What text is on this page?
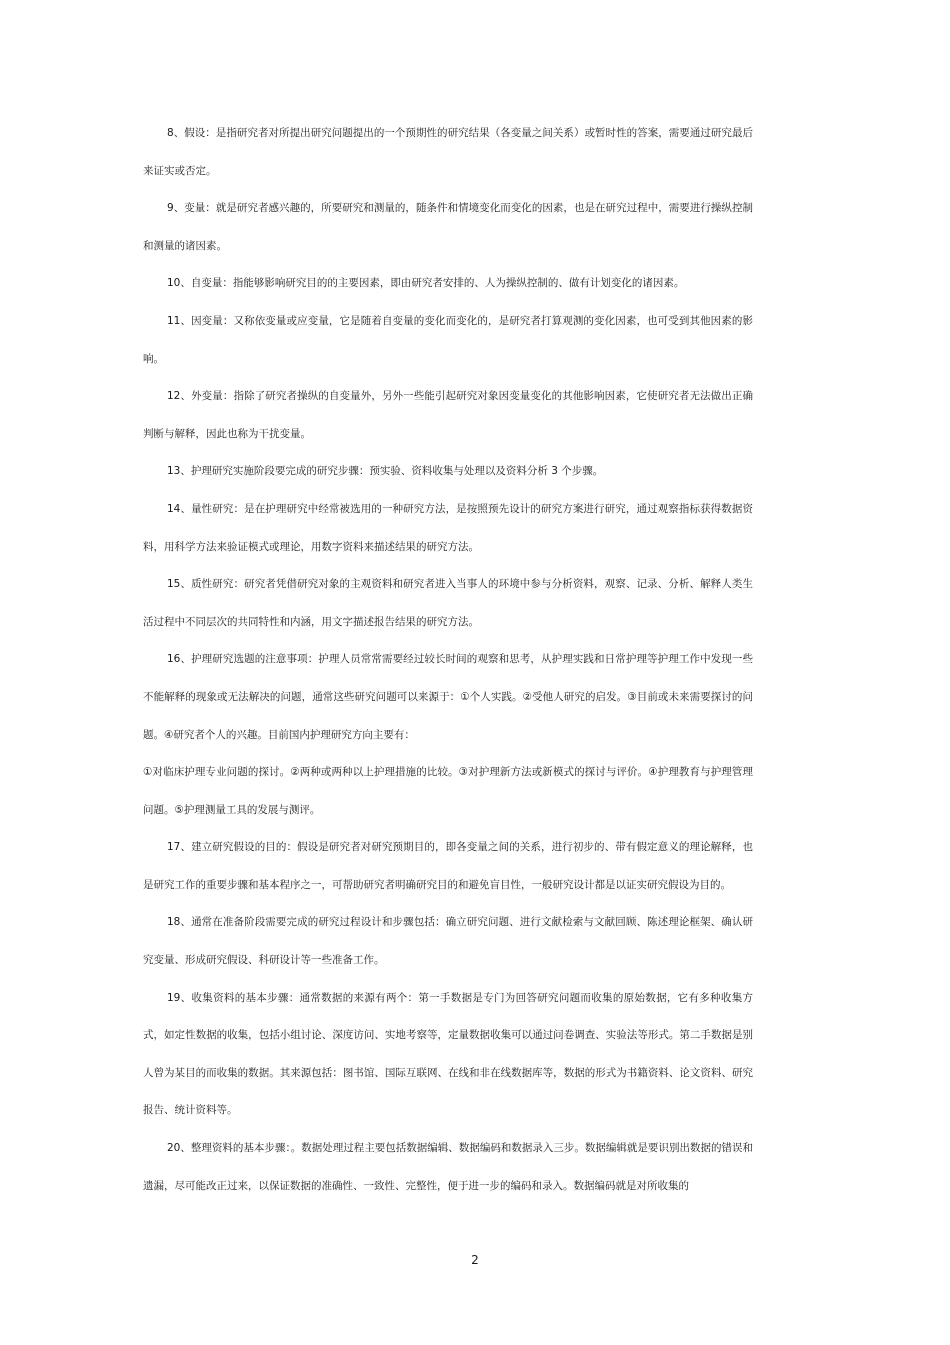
8、假设：是指研究者对所提出研究问题提出的一个预期性的研究结果（各变量之间关系）或暂时性的答案，需要通过研究最后来证实或否定。

9、变量：就是研究者感兴趣的，所要研究和测量的，随条件和情境变化而变化的因素，也是在研究过程中，需要进行操纵控制和测量的诸因素。

10、自变量：指能够影响研究目的的主要因素，即由研究者安排的、人为操纵控制的、做有计划变化的诸因素。

11、因变量：又称依变量或应变量，它是随着自变量的变化而变化的，是研究者打算观测的变化因素，也可受到其他因素的影响。

12、外变量：指除了研究者操纵的自变量外，另外一些能引起研究对象因变量变化的其他影响因素，它使研究者无法做出正确判断与解释，因此也称为干扰变量。

13、护理研究实施阶段要完成的研究步骤：预实验、资料收集与处理以及资料分析 3 个步骤。

14、量性研究：是在护理研究中经常被选用的一种研究方法，是按照预先设计的研究方案进行研究，通过观察指标获得数据资料，用科学方法来验证模式或理论，用数字资料来描述结果的研究方法。

15、质性研究：研究者凭借研究对象的主观资料和研究者进入当事人的环境中参与分析资料，观察、记录、分析、解释人类生活过程中不同层次的共同特性和内涵，用文字描述报告结果的研究方法。

16、护理研究选题的注意事项：护理人员常常需要经过较长时间的观察和思考，从护理实践和日常护理等护理工作中发现一些不能解释的现象或无法解决的问题，通常这些研究问题可以来源于：①个人实践。②受他人研究的启发。③目前或未来需要探讨的问题。④研究者个人的兴趣。目前国内护理研究方向主要有：

①对临床护理专业问题的探讨。②两种或两种以上护理措施的比较。③对护理新方法或新模式的探讨与评价。④护理教育与护理管理问题。⑤护理测量工具的发展与测评。

17、建立研究假设的目的：假设是研究者对研究预期目的，即各变量之间的关系，进行初步的、带有假定意义的理论解释，也是研究工作的重要步骤和基本程序之一，可帮助研究者明确研究目的和避免盲目性，一般研究设计都是以证实研究假设为目的。

18、通常在准备阶段需要完成的研究过程设计和步骤包括：确立研究问题、进行文献检索与文献回顾、陈述理论框架、确认研究变量、形成研究假设、科研设计等一些准备工作。

19、收集资料的基本步骤：通常数据的来源有两个：第一手数据是专门为回答研究问题而收集的原始数据，它有多种收集方式，如定性数据的收集，包括小组讨论、深度访问、实地考察等，定量数据收集可以通过问卷调查、实验法等形式。第二手数据是别人曾为某目的而收集的数据。其来源包括：图书馆、国际互联网、在线和非在线数据库等，数据的形式为书籍资料、论文资料、研究报告、统计资料等。

20、整理资料的基本步骤：。数据处理过程主要包括数据编辑、数据编码和数据录入三步。数据编辑就是要识别出数据的错误和遗漏，尽可能改正过来，以保证数据的准确性、一致性、完整性，便于进一步的编码和录入。数据编码就是对所收集的

2
